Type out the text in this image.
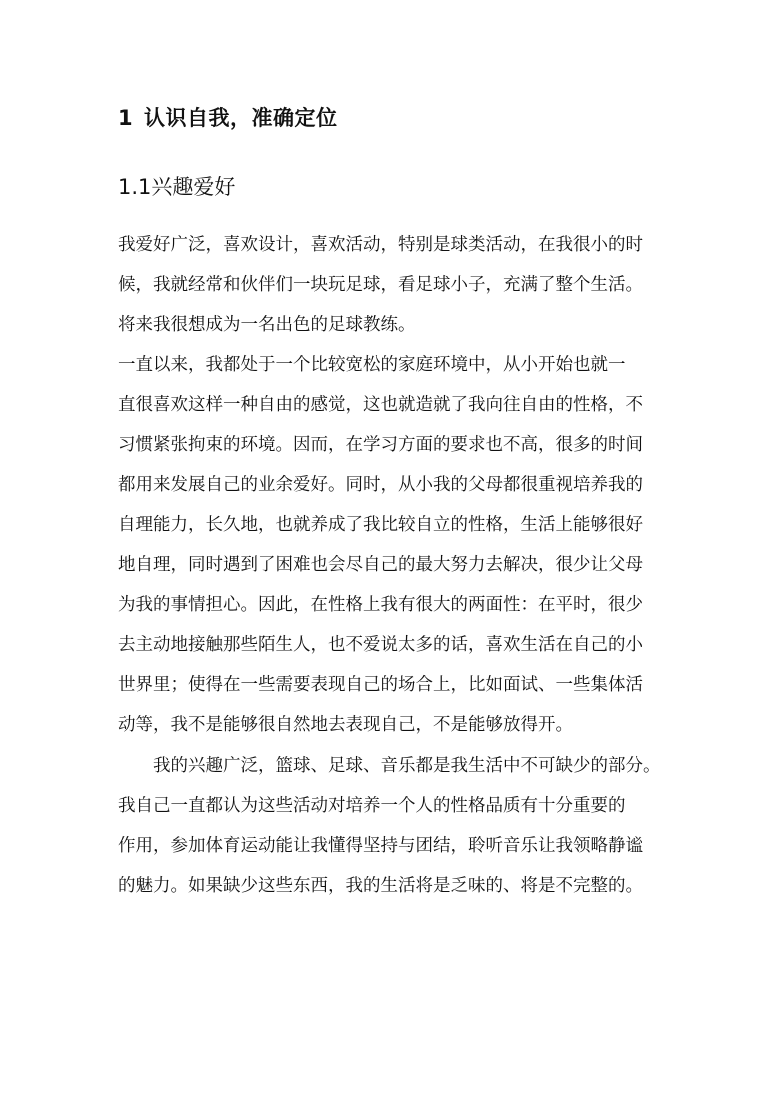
1 认识自我，准确定位
1.1兴趣爱好
我爱好广泛，喜欢设计，喜欢活动，特别是球类活动，在我很小的时
候，我就经常和伙伴们一块玩足球，看足球小子，充满了整个生活。
将来我很想成为一名出色的足球教练。
一直以来，我都处于一个比较宽松的家庭环境中，从小开始也就一
直很喜欢这样一种自由的感觉，这也就造就了我向往自由的性格，不
习惯紧张拘束的环境。因而，在学习方面的要求也不高，很多的时间
都用来发展自己的业余爱好。同时，从小我的父母都很重视培养我的
自理能力，长久地，也就养成了我比较自立的性格，生活上能够很好
地自理，同时遇到了困难也会尽自己的最大努力去解决，很少让父母
为我的事情担心。因此，在性格上我有很大的两面性：在平时，很少
去主动地接触那些陌生人，也不爱说太多的话，喜欢生活在自己的小
世界里；使得在一些需要表现自己的场合上，比如面试、一些集体活
动等，我不是能够很自然地去表现自己，不是能够放得开。
　　我的兴趣广泛，篮球、足球、音乐都是我生活中不可缺少的部分。
我自己一直都认为这些活动对培养一个人的性格品质有十分重要的
作用，参加体育运动能让我懂得坚持与团结，聆听音乐让我领略静谧
的魅力。如果缺少这些东西，我的生活将是乏味的、将是不完整的。
